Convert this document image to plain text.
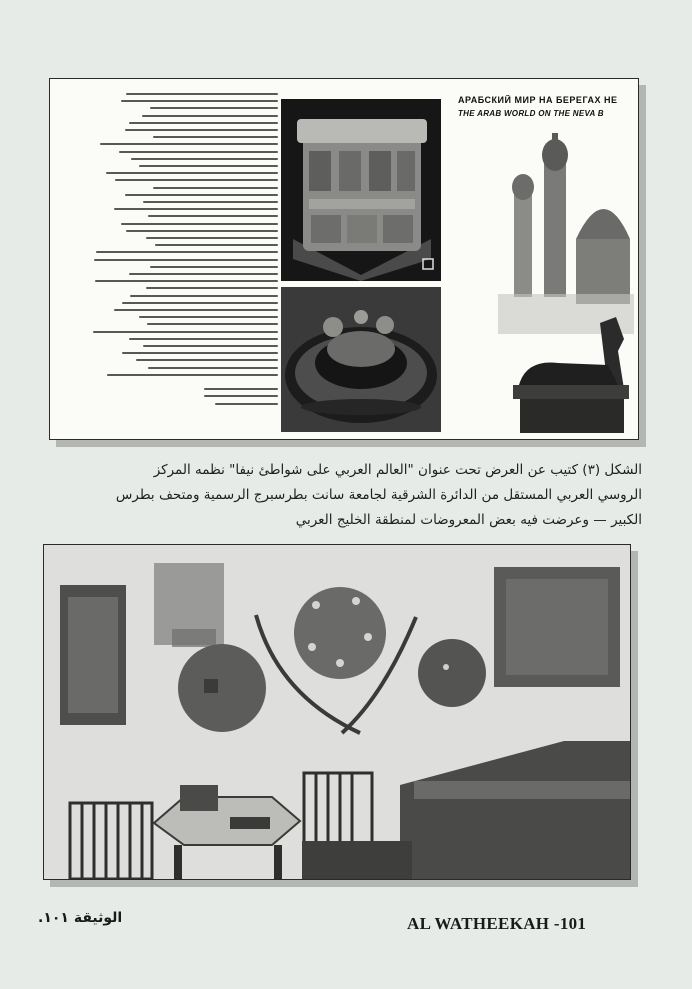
АРАБСКИЙ МИР НА БЕРЕГАХ НЕ
THE ARAB WORLD ON THE NEVA B
الشكل (٣) كتيب عن العرض تحت عنوان "العالم العربي على شواطئ نيفا" نظمه المركز
الروسي العربي المستقل من الدائرة الشرقية لجامعة سانت بطرسبرج الرسمية ومتحف بطرس
الكبير — وعرضت فيه بعض المعروضات لمنطقة الخليج العربي
الوثيقة ١٠١.	AL WATHEEKAH -101
